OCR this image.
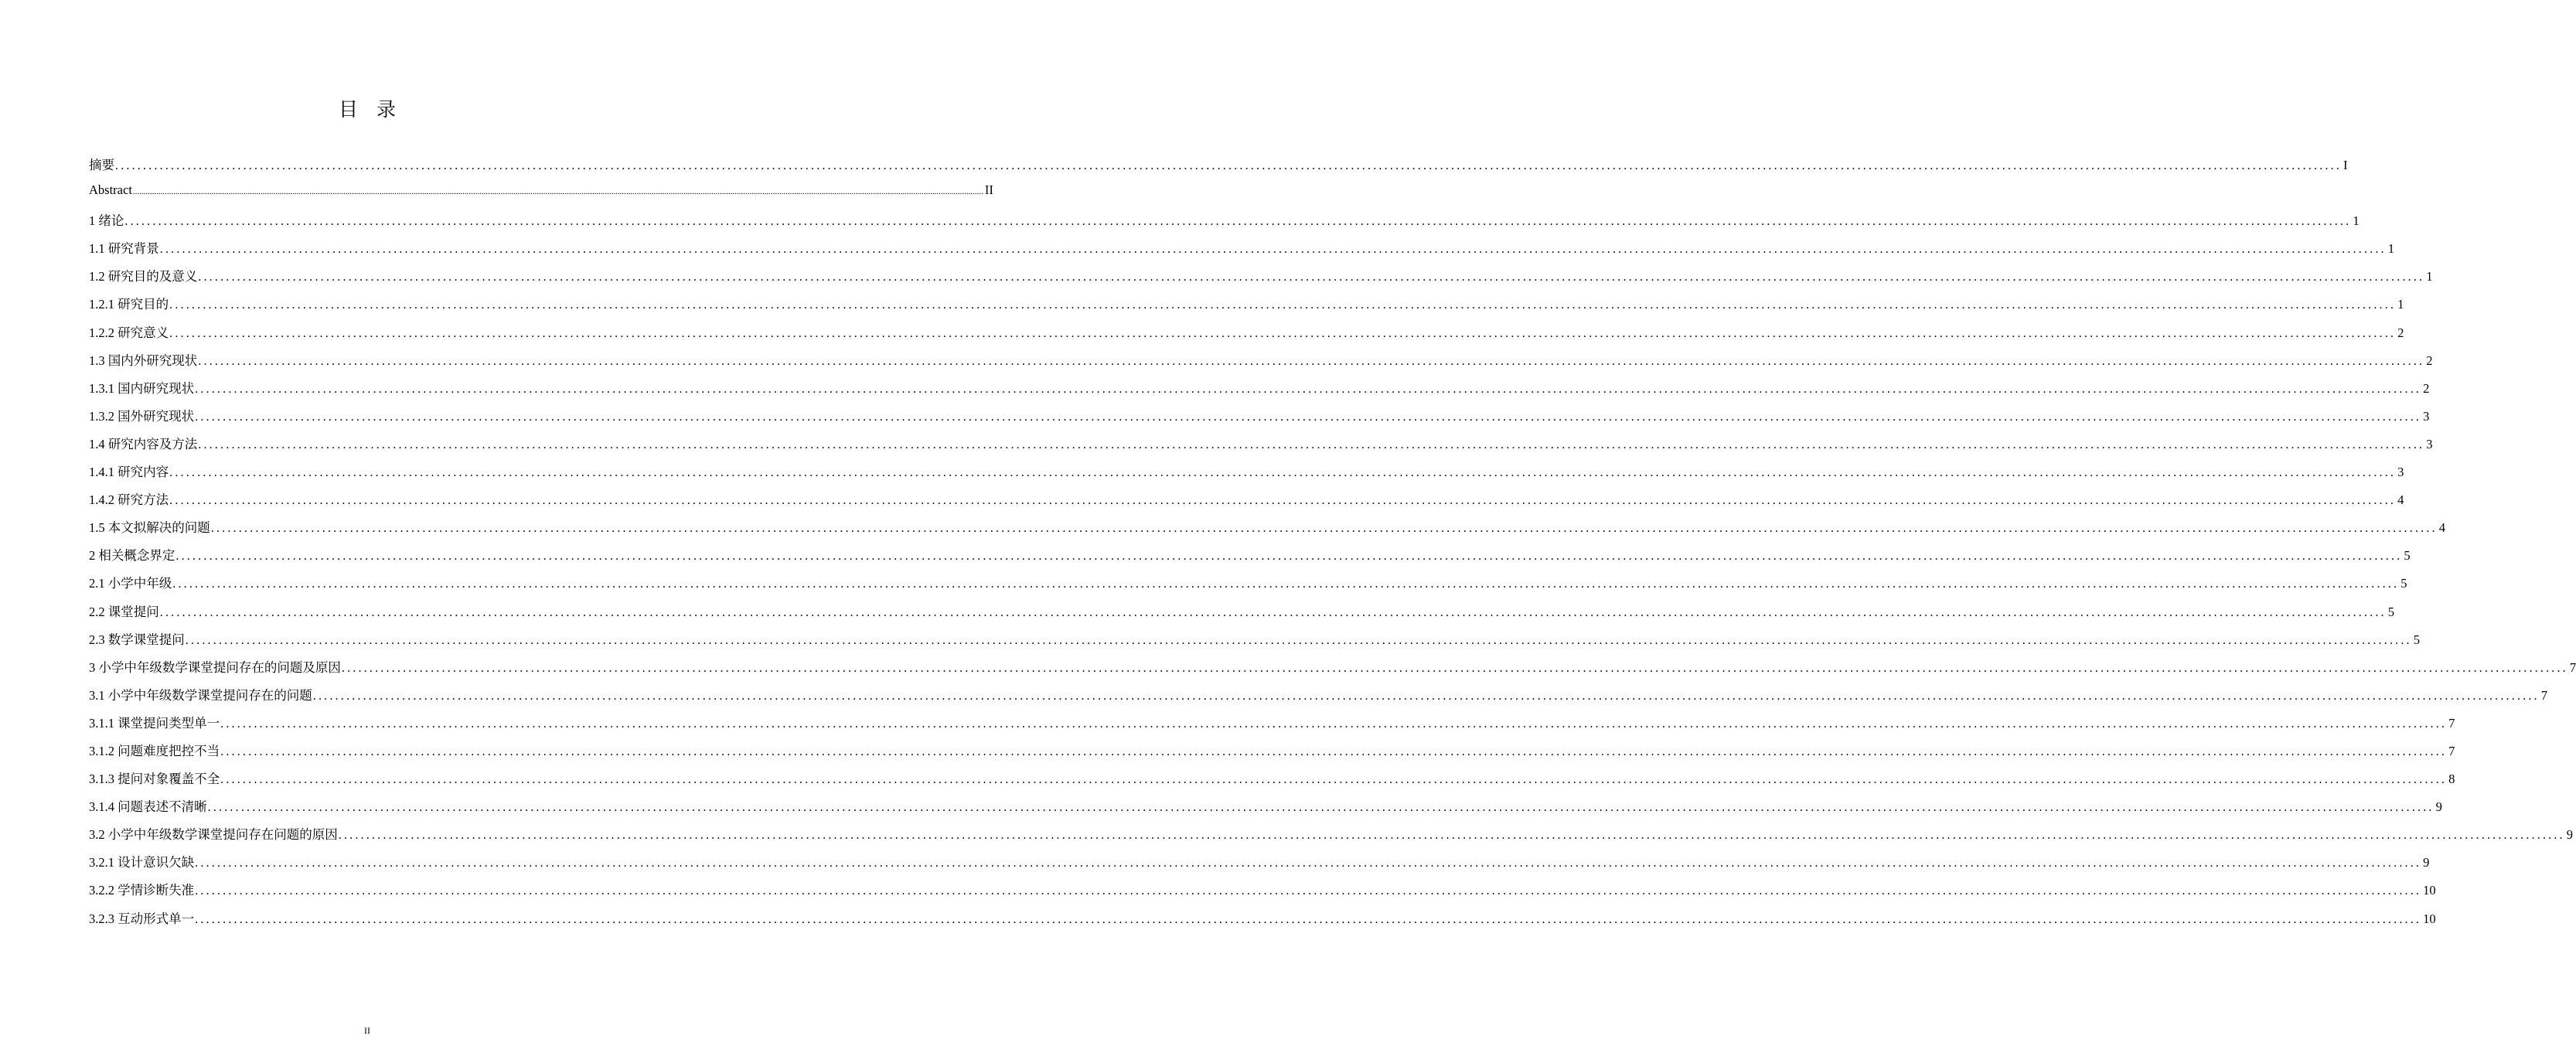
目 录
摘要 ................................................................................................................................................................................................................................................................................................................................................................................................................ I
Abstract ................................................................................................................................................................................................................................................................................................................................................................................................................ II
1 绪论 ................................................................................................................................................................................................................................................................................................................................................................................................................ 1
1.1 研究背景 ................................................................................................................................................................................................................................................................................................................................................................................................................ 1
1.2 研究目的及意义 ................................................................................................................................................................................................................................................................................................................................................................................................................ 1
1.2.1 研究目的 ................................................................................................................................................................................................................................................................................................................................................................................................................ 1
1.2.2 研究意义 ................................................................................................................................................................................................................................................................................................................................................................................................................ 2
1.3 国内外研究现状 ................................................................................................................................................................................................................................................................................................................................................................................................................ 2
1.3.1 国内研究现状 ................................................................................................................................................................................................................................................................................................................................................................................................................ 2
1.3.2 国外研究现状 ................................................................................................................................................................................................................................................................................................................................................................................................................ 3
1.4 研究内容及方法 ................................................................................................................................................................................................................................................................................................................................................................................................................ 3
1.4.1 研究内容 ................................................................................................................................................................................................................................................................................................................................................................................................................ 3
1.4.2 研究方法 ................................................................................................................................................................................................................................................................................................................................................................................................................ 4
1.5 本文拟解决的问题 ................................................................................................................................................................................................................................................................................................................................................................................................................ 4
2 相关概念界定 ................................................................................................................................................................................................................................................................................................................................................................................................................ 5
2.1 小学中年级 ................................................................................................................................................................................................................................................................................................................................................................................................................ 5
2.2 课堂提问 ................................................................................................................................................................................................................................................................................................................................................................................................................ 5
2.3 数学课堂提问 ................................................................................................................................................................................................................................................................................................................................................................................................................ 5
3 小学中年级数学课堂提问存在的问题及原因 ................................................................................................................................................................................................................................................................................................................................................................................................................ 7
3.1 小学中年级数学课堂提问存在的问题 ................................................................................................................................................................................................................................................................................................................................................................................................................ 7
3.1.1 课堂提问类型单一 ................................................................................................................................................................................................................................................................................................................................................................................................................ 7
3.1.2 问题难度把控不当 ................................................................................................................................................................................................................................................................................................................................................................................................................ 7
3.1.3 提问对象覆盖不全 ................................................................................................................................................................................................................................................................................................................................................................................................................ 8
3.1.4 问题表述不清晰 ................................................................................................................................................................................................................................................................................................................................................................................................................ 9
3.2 小学中年级数学课堂提问存在问题的原因 ................................................................................................................................................................................................................................................................................................................................................................................................................ 9
3.2.1 设计意识欠缺 ................................................................................................................................................................................................................................................................................................................................................................................................................ 9
3.2.2 学情诊断失准 ................................................................................................................................................................................................................................................................................................................................................................................................................ 10
3.2.3 互动形式单一 ................................................................................................................................................................................................................................................................................................................................................................................................................ 10
II
